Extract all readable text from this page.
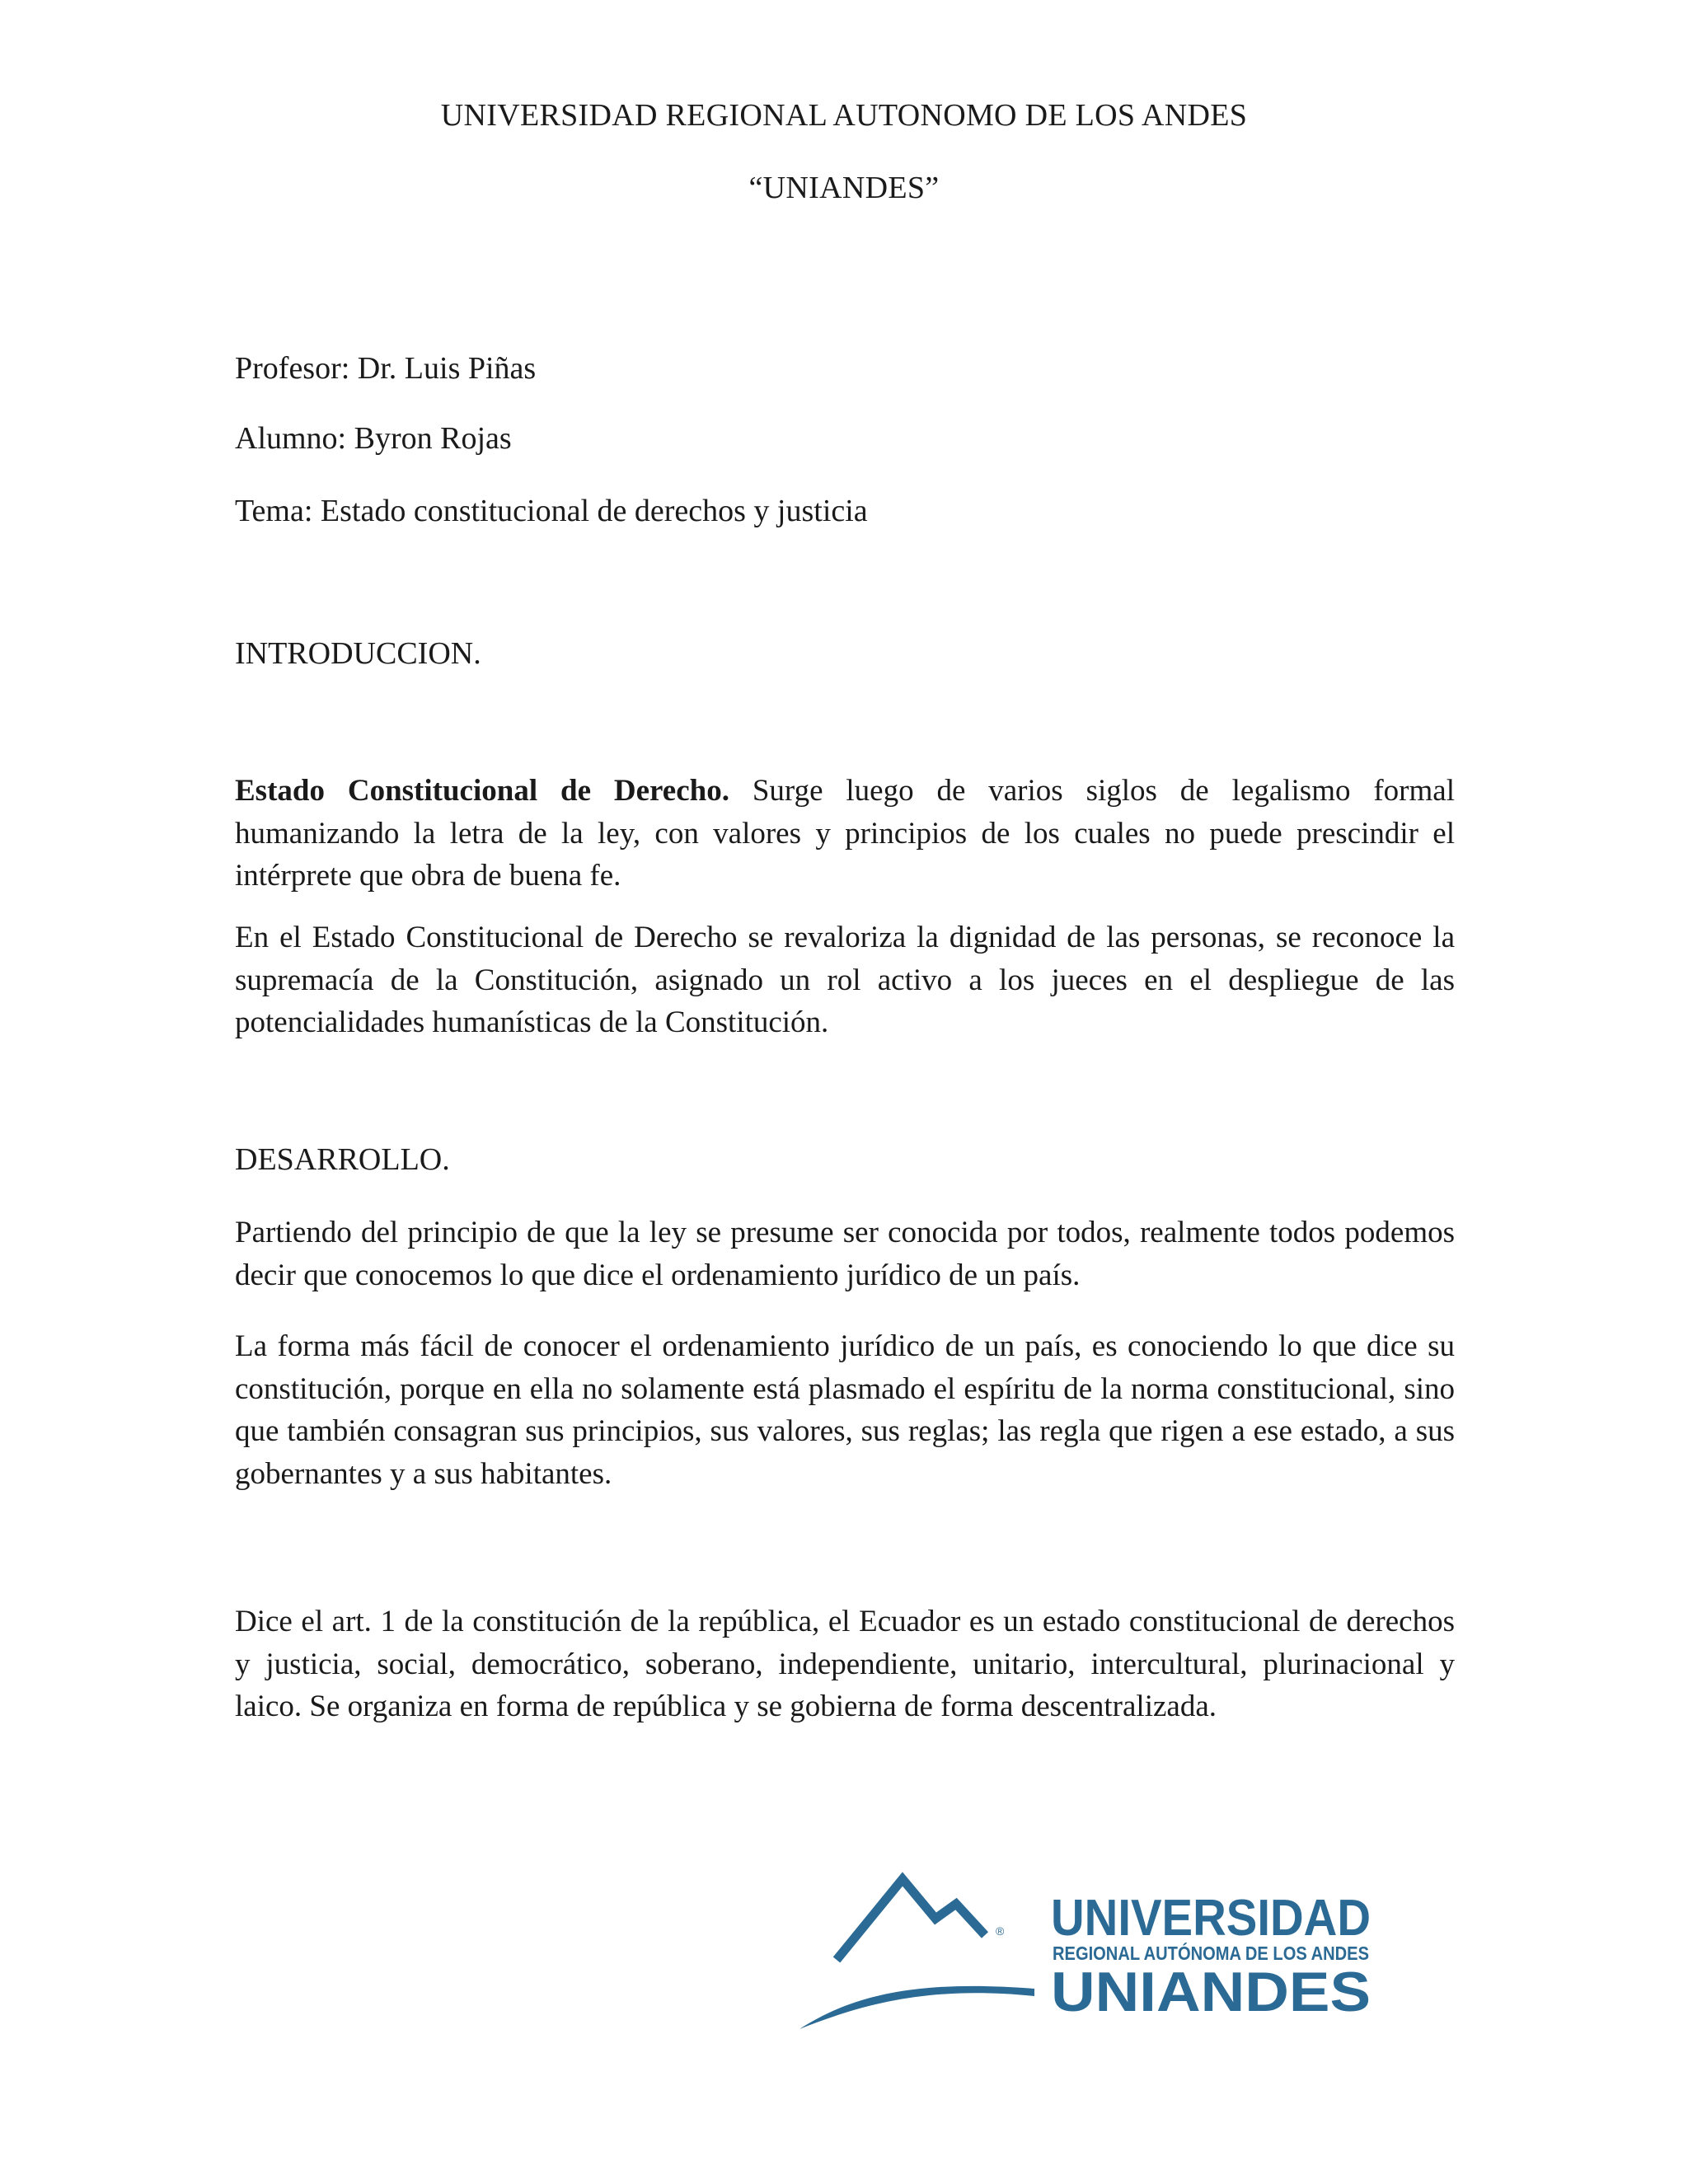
UNIVERSIDAD REGIONAL AUTONOMO DE LOS ANDES
“UNIANDES”
Profesor: Dr. Luis Piñas
Alumno: Byron Rojas
Tema: Estado constitucional de derechos y justicia
INTRODUCCION.
Estado Constitucional de Derecho. Surge luego de varios siglos de legalismo formal humanizando la letra de la ley, con valores y principios de los cuales no puede prescindir el intérprete que obra de buena fe.
En el Estado Constitucional de Derecho se revaloriza la dignidad de las personas, se reconoce la supremacía de la Constitución, asignado un rol activo a los jueces en el despliegue de las potencialidades humanísticas de la Constitución.
DESARROLLO.
Partiendo del principio de que la ley se presume ser conocida por todos, realmente todos podemos decir que conocemos lo que dice el ordenamiento jurídico de un país.
La forma más fácil de conocer el ordenamiento jurídico de un país, es conociendo lo que dice su constitución, porque en ella no solamente está plasmado el espíritu de la norma constitucional, sino que también consagran sus principios, sus valores, sus reglas; las regla que rigen a ese estado, a sus gobernantes y a sus habitantes.
Dice el art. 1 de la constitución de la república, el Ecuador es un estado constitucional de derechos y justicia, social, democrático, soberano, independiente, unitario, intercultural, plurinacional y laico. Se organiza en forma de república y se gobierna de forma descentralizada.
® UNIVERSIDAD
REGIONAL AUTÓNOMA DE LOS ANDES
UNIANDES
